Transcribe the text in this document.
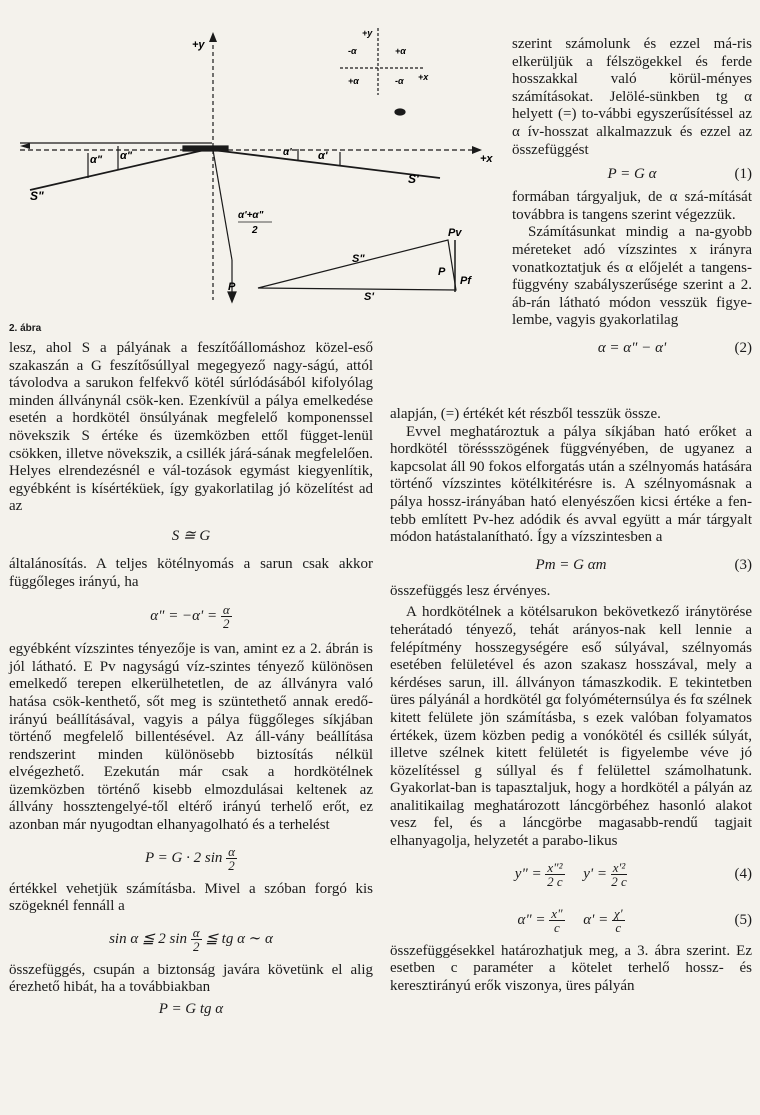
+y
+x
+y
+x
-α	+α
+α	-α
α" α"	α' α'
S"
S'
α'+α"
2
P
S"
S'
P
Pv
Pf
2. ábra

lesz, ahol S a pályának a feszítőállomáshoz közel-eső szakaszán a G feszítősúllyal megegyező nagy-ságú, attól távolodva a sarukon felfekvő kötél súrlódásából kifolyólag minden állványnál csök-ken. Ezenkívül a pálya emelkedése esetén a hordkötél önsúlyának megfelelő komponenssel növekszik S értéke és üzemközben ettől függet-lenül csökken, illetve növekszik, a csillék járá-sának megfelelően. Helyes elrendezésnél e vál-tozások egymást kiegyenlítik, egyébként is kísértéküek, így gyakorlatilag jó közelítést ad az

S ≅ G

általánosítás. A teljes kötélnyomás a sarun csak akkor függőleges irányú, ha

α" = $-\alpha' = \frac{\alpha}{2}$

egyébként vízszintes tényezője is van, amint ez a 2. ábrán is jól látható. E Pv nagyságú víz-szintes tényező különösen emelkedő terepen elkerülhetetlen, de az állványra való hatása csök-kenthető, sőt meg is szüntethető annak eredő-irányú beállításával, vagyis a pálya függőleges síkjában történő megfelelő billentésével. Az áll-vány beállítása rendszerint minden különösebb biztosítás nélkül elvégezhető. Ezekután már csak a hordkötélnek üzemközben történő kisebb elmozdulásai keltenek az állvány hossztengelyé-től eltérő irányú terhelő erőt, ez azonban már nyugodtan elhanyagolható és a terhelést

P = G · 2 $\sin \frac{\alpha}{2}$

értékkel vehetjük számításba. Mivel a szóban forgó kis szögeknél fennáll a

sin α ≦ 2 $\sin \frac{\alpha}{2}$ ≦ tg α ∼ α

összefüggés, csupán a biztonság javára követünk el alig érezhető hibát, ha a továbbiakban

P = G tg α

szerint számolunk és ezzel má-ris elkerüljük a félszögekkel és ferde hosszakkal való körül-ményes számításokat. Jelölé-sünkben tg α helyett (=) to-vábbi egyszerűsítéssel az α ív-hosszat alkalmazzuk és ezzel az összefüggést

P = G α	(1)

formában tárgyaljuk, de α szá-mítását továbbra is tangens szerint végezzük.

Számításunkat mindig a na-gyobb méreteket adó vízszintes x irányra vonatkoztatjuk és α előjelét a tangens-függvény szabályszerűsége szerint a 2. áb-rán látható módon vesszük figye-lembe, vagyis gyakorlatilag

α = α" − α'	(2)

alapján, (=) értékét két részből tesszük össze.

Evvel meghatároztuk a pálya síkjában ható erőket a hordkötél töréssszögének függvényében, de ugyanez a kapcsolat áll 90 fokos elforgatás után a szélnyomás hatására történő vízszintes kötélkitérésre is. A szélnyomásnak a pálya hossz-irányában ható elenyészően kicsi értéke a fen-tebb említett Pv-hez adódik és avval együtt a már tárgyalt módon hatástalanítható. Így a vízszintesben a

Pm = G αm	(3)

összefüggés lesz érvényes.

A hordkötélnek a kötélsarukon bekövetkező iránytörése teherátadó tényező, tehát arányos-nak kell lennie a felépítmény hosszegységére eső súlyával, szélnyomás esetében felületével és azon szakasz hosszával, mely a kérdéses sarun, ill. állványon támaszkodik. E tekintetben üres pályánál a hordkötél gα folyóméternsúlya és fα szélnek kitett felülete jön számításba, s ezek valóban folyamatos értékek, üzem közben pedig a vonókötél és csillék súlyát, illetve szélnek kitett felületét is figyelembe véve jó közelítéssel g súllyal és f felülettel számolhatunk. Gyakorlat-ban is tapasztaljuk, hogy a hordkötél a pályán az analitikailag meghatározott láncgörbéhez hasonló alakot vesz fel, és a láncgörbe magasabb-rendű tagjait elhanyagolja, helyzetét a parabo-likus

y" = $\frac{\text{x"²}}{2 c} y' = \frac{\text{x'²}}{2 c}$	(4)
α" = $\frac{x"}{c} \alpha' = \frac{\chi'}{c}$	(5)

összefüggésekkel határozhatjuk meg, a 3. ábra szerint. Ez esetben c paraméter a kötelet terhelő hossz- és keresztirányú erők viszonya, üres pályán
